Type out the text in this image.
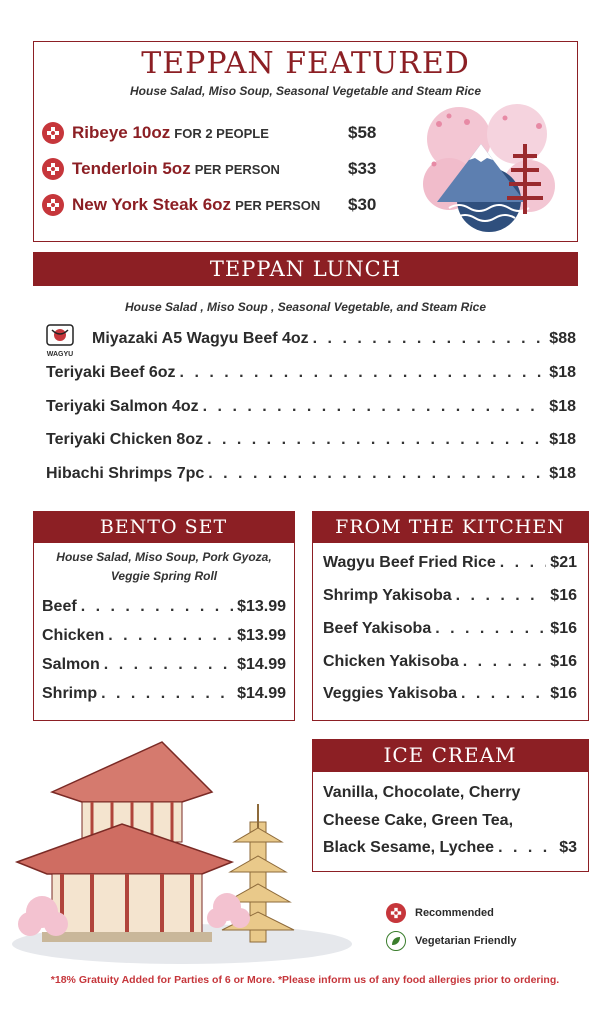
TEPPAN FEATURED
House Salad, Miso Soup, Seasonal Vegetable and Steam Rice
Ribeye 10oz FOR 2 PEOPLE	$58
Tenderloin 5oz PER PERSON	$33
New York Steak 6oz PER PERSON $30
TEPPAN LUNCH
House Salad , Miso Soup , Seasonal Vegetable, and Steam Rice
WAGYU
Miyazaki A5 Wagyu Beef 4oz . . .	$88
Teriyaki Beef 6oz . . .	$18
Teriyaki Salmon 4oz . . .	$18
Teriyaki Chicken 8oz . . .	$18
Hibachi Shrimps 7pc . . .	$18
BENTO SET
House Salad, Miso Soup, Pork Gyoza,
Veggie Spring Roll
Beef . . .	$13.99
Chicken . . .	$13.99
Salmon . . .	$14.99
Shrimp . . .	$14.99
FROM THE KITCHEN
Wagyu Beef Fried Rice . . .	$21
Shrimp Yakisoba . . .	$16
Beef Yakisoba . . .	$16
Chicken Yakisoba . . .	$16
Veggies Yakisoba . . .	$16
ICE CREAM
Vanilla, Chocolate, Cherry
Cheese Cake, Green Tea,
Black Sesame, Lychee . . .	$3
Recommended
Vegetarian Friendly
*18% Gratuity Added for Parties of 6 or More. *Please inform us of any food allergies prior to ordering.
